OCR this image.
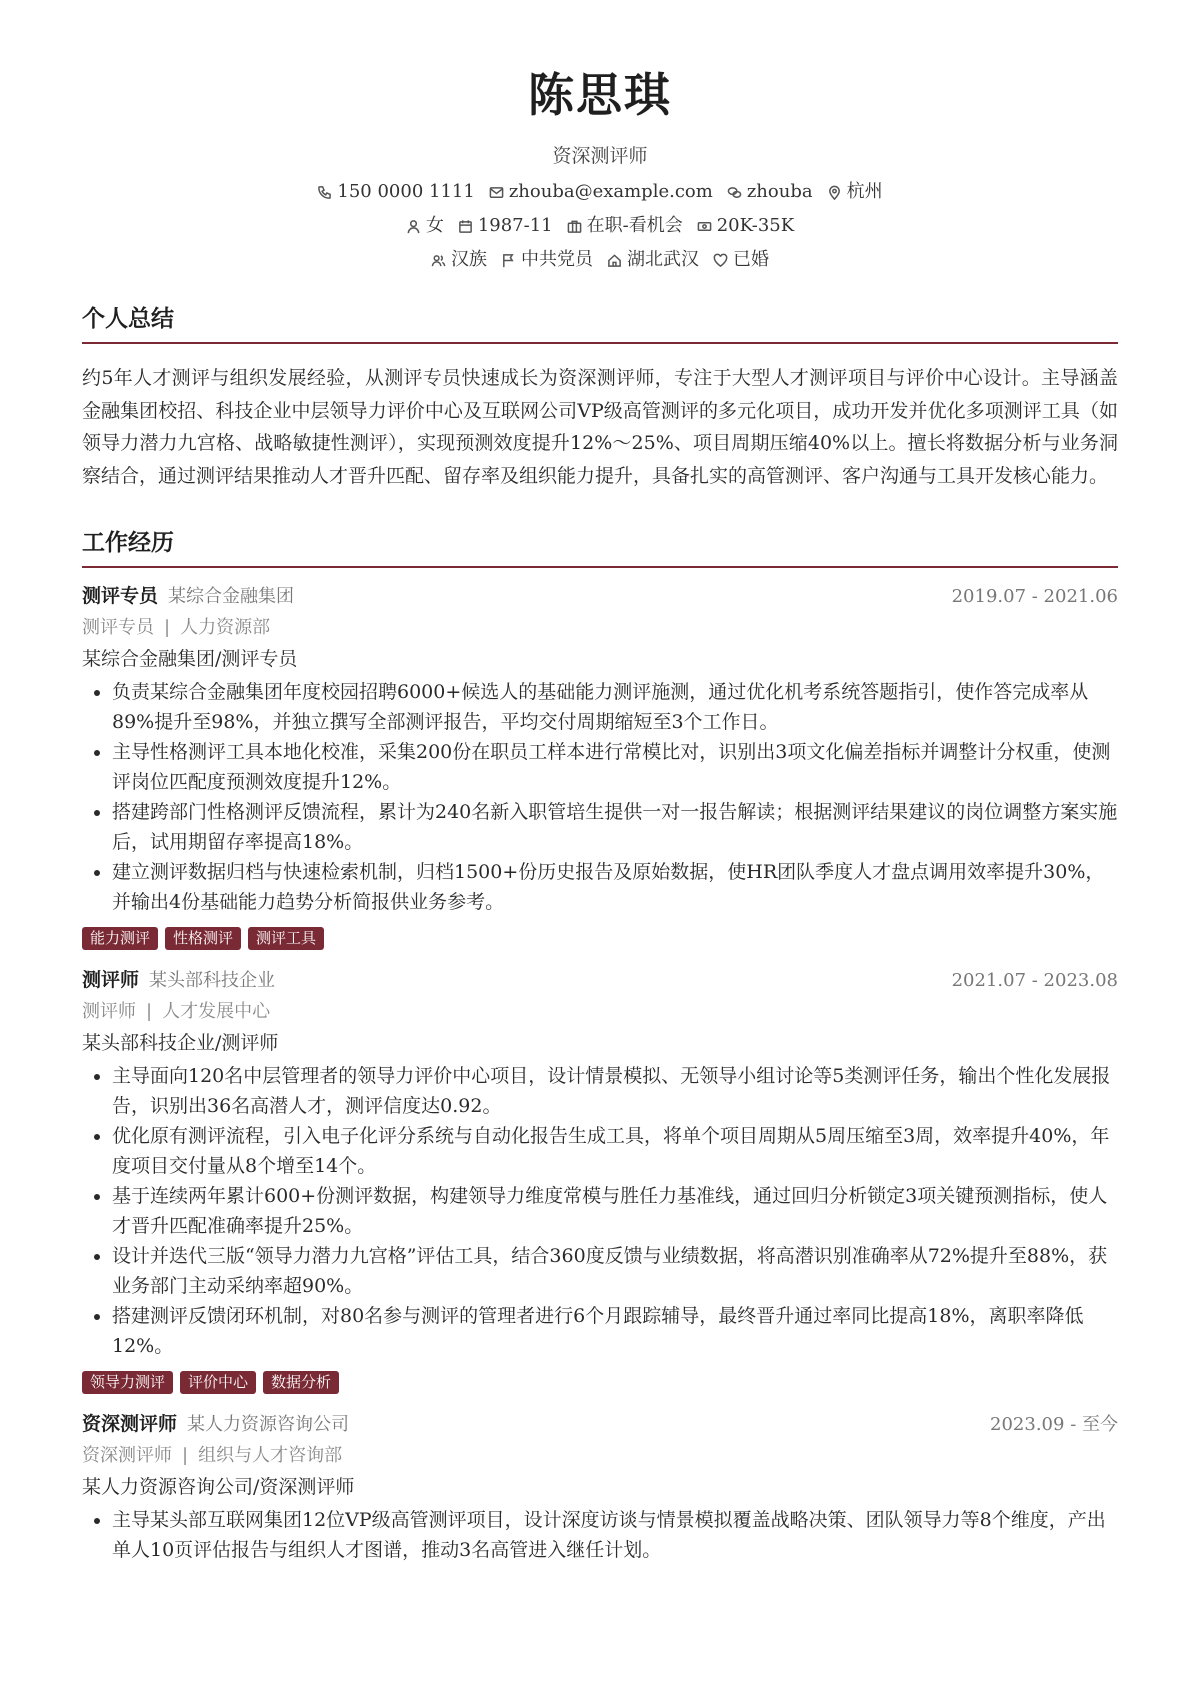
陈思琪
资深测评师
150 0000 1111 zhouba@example.com zhouba 杭州
女 1987-11 在职-看机会 20K-35K
汉族 中共党员 湖北武汉 已婚
个人总结
约5年人才测评与组织发展经验，从测评专员快速成长为资深测评师，专注于大型人才测评项目与评价中心设计。主导涵盖金融集团校招、科技企业中层领导力评价中心及互联网公司VP级高管测评的多元化项目，成功开发并优化多项测评工具（如领导力潜力九宫格、战略敏捷性测评），实现预测效度提升12%～25%、项目周期压缩40%以上。擅长将数据分析与业务洞察结合，通过测评结果推动人才晋升匹配、留存率及组织能力提升，具备扎实的高管测评、客户沟通与工具开发核心能力。
工作经历
测评专员 某综合金融集团	2019.07 - 2021.06
测评专员 | 人力资源部
某综合金融集团/测评专员
• 负责某综合金融集团年度校园招聘6000+候选人的基础能力测评施测，通过优化机考系统答题指引，使作答完成率从89%提升至98%，并独立撰写全部测评报告，平均交付周期缩短至3个工作日。
• 主导性格测评工具本地化校准，采集200份在职员工样本进行常模比对，识别出3项文化偏差指标并调整计分权重，使测评岗位匹配度预测效度提升12%。
• 搭建跨部门性格测评反馈流程，累计为240名新入职管培生提供一对一报告解读；根据测评结果建议的岗位调整方案实施后，试用期留存率提高18%。
• 建立测评数据归档与快速检索机制，归档1500+份历史报告及原始数据，使HR团队季度人才盘点调用效率提升30%，并输出4份基础能力趋势分析简报供业务参考。
能力测评	性格测评	测评工具
测评师 某头部科技企业	2021.07 - 2023.08
测评师 | 人才发展中心
某头部科技企业/测评师
• 主导面向120名中层管理者的领导力评价中心项目，设计情景模拟、无领导小组讨论等5类测评任务，输出个性化发展报告，识别出36名高潜人才，测评信度达0.92。
• 优化原有测评流程，引入电子化评分系统与自动化报告生成工具，将单个项目周期从5周压缩至3周，效率提升40%，年度项目交付量从8个增至14个。
• 基于连续两年累计600+份测评数据，构建领导力维度常模与胜任力基准线，通过回归分析锁定3项关键预测指标，使人才晋升匹配准确率提升25%。
• 设计并迭代三版“领导力潜力九宫格”评估工具，结合360度反馈与业绩数据，将高潜识别准确率从72%提升至88%，获业务部门主动采纳率超90%。
• 搭建测评反馈闭环机制，对80名参与测评的管理者进行6个月跟踪辅导，最终晋升通过率同比提高18%，离职率降低12%。
领导力测评	评价中心	数据分析
资深测评师 某人力资源咨询公司	2023.09 - 至今
资深测评师 | 组织与人才咨询部
某人力资源咨询公司/资深测评师
• 主导某头部互联网集团12位VP级高管测评项目，设计深度访谈与情景模拟覆盖战略决策、团队领导力等8个维度，产出单人10页评估报告与组织人才图谱，推动3名高管进入继任计划。
